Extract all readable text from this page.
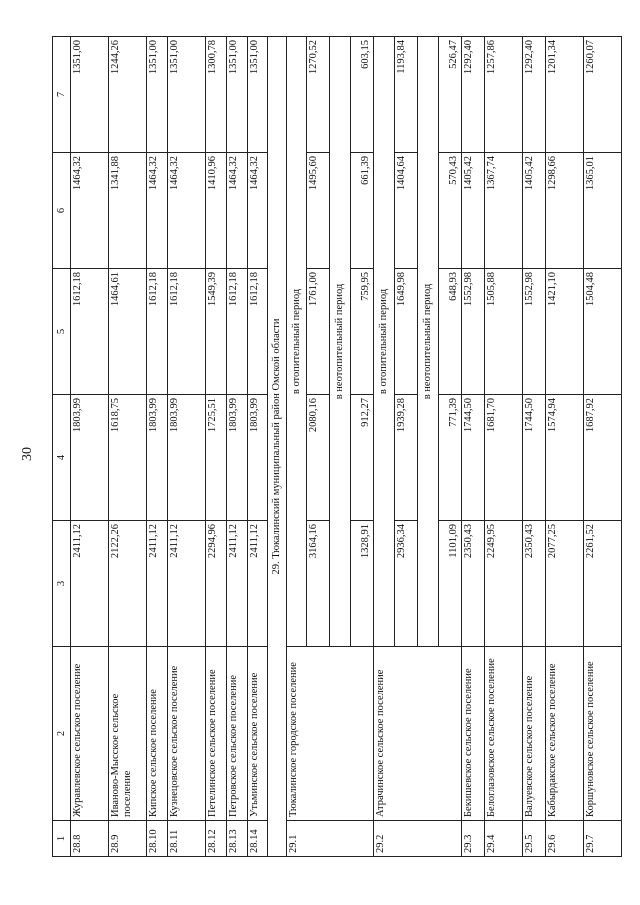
30
1	2	3	4	5	6	7
28.8	Журавлевское сельское поселение	2411,12	1803,99	1612,18	1464,32	1351,00
28.9	Иваново-Мысское сельское поселение	2122,26	1618,75	1464,61	1341,88	1244,26
28.10	Кипское сельское поселение	2411,12	1803,99	1612,18	1464,32	1351,00
28.11	Кузнецовское сельское поселение	2411,12	1803,99	1612,18	1464,32	1351,00
28.12	Петелинское сельское поселение	2294,96	1725,51	1549,39	1410,96	1300,78
28.13	Петровское сельское поселение	2411,12	1803,99	1612,18	1464,32	1351,00
28.14	Утьминское сельское поселение	2411,12	1803,99	1612,18	1464,32	1351,00
29. Тюкалинский муниципальный район Омской области						
29.1	Тюкалинское городское поселение	в отопительный период				
		3164,16	2080,16	1761,00	1495,60	1270,52
		в неотопительный период				
		1328,91	912,27	759,95	661,39	603,15
29.2	Атрачинское сельское поселение	в отопительный период				
		2936,34	1939,28	1649,98	1404,64	1193,84
		в неотопительный период				
		1101,09	771,39	648,93	570,43	526,47
29.3	Бекишевское сельское поселение	2350,43	1744,50	1552,98	1405,42	1292,40
29.4	Белоглазовское сельское поселение	2249,95	1681,70	1505,88	1367,74	1257,86
29.5	Валуевское сельское поселение	2350,43	1744,50	1552,98	1405,42	1292,40
29.6	Кабырдакское сельское поселение	2077,25	1574,94	1421,10	1298,66	1201,34
29.7	Коршуновское сельское поселение	2261,52	1687,92	1504,48	1365,01	1260,07
